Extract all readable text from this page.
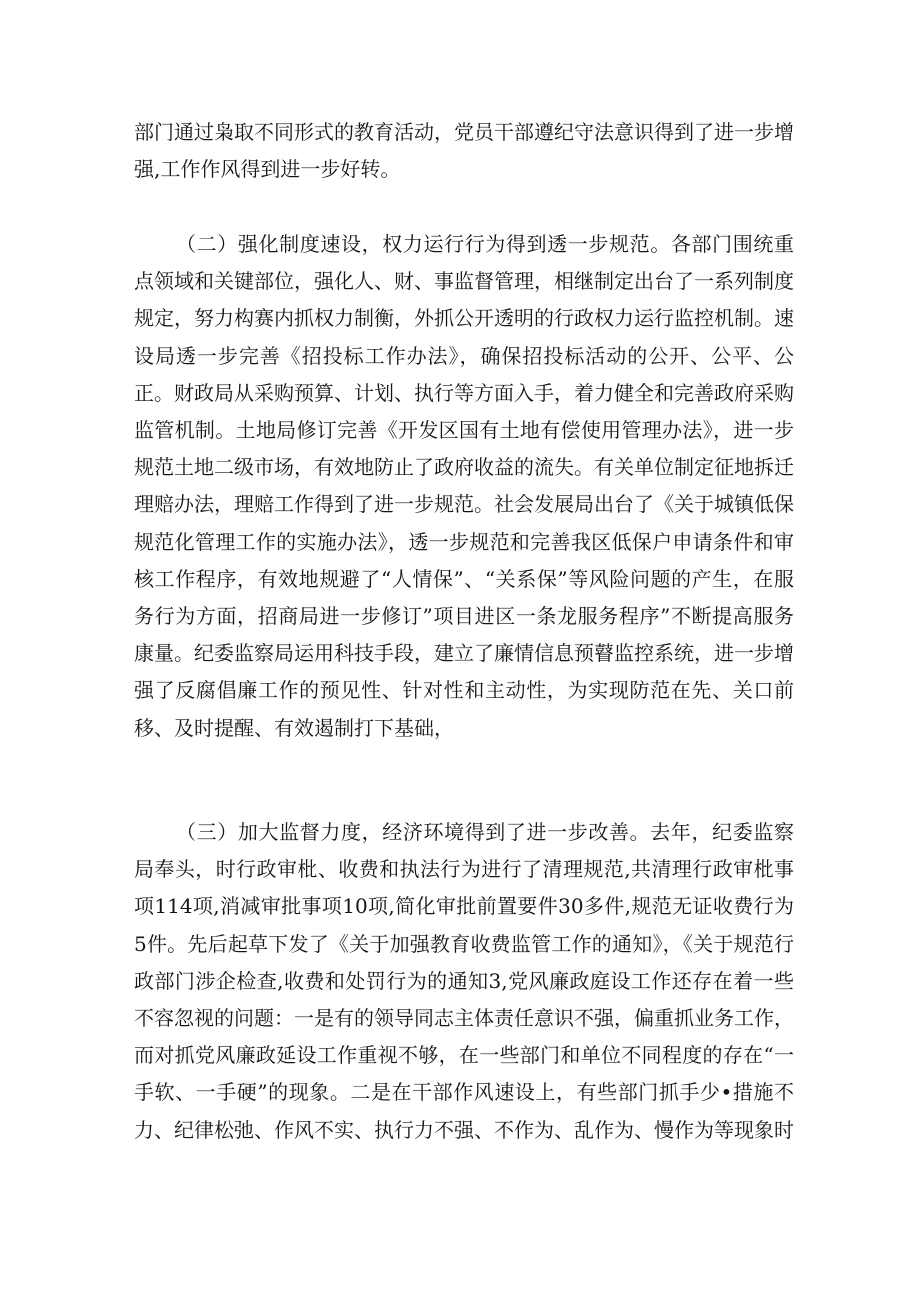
部门通过枭取不同形式的教育活动，党员干部遵纪守法意识得到了进一步增强,工作作风得到进一步好转。

（二）强化制度速设，权力运行行为得到透一步规范。各部门围统重点领域和关键部位，强化人、财、事监督管理，相继制定出台了一系列制度规定，努力构赛内抓权力制衡，外抓公开透明的行政权力运行监控机制。速设局透一步完善《招投标工作办法》，确保招投标活动的公开、公平、公正。财政局从采购预算、计划、执行等方面入手，着力健全和完善政府采购监管机制。土地局修订完善《开发区国有土地有偿使用管理办法》，进一步规范土地二级市场，有效地防止了政府收益的流失。有关单位制定征地拆迁理赔办法，理赔工作得到了进一步规范。社会发展局出台了《关于城镇低保规范化管理工作的实施办法》，透一步规范和完善我区低保户申请条件和审核工作程序，有效地规避了“人情保”、“关系保”等风险问题的产生，在服务行为方面，招商局进一步修订”项目进区一条龙服务程序”不断提高服务康量。纪委监察局运用科技手段，建立了廉情信息预瞽监控系统，进一步增强了反腐倡廉工作的预见性、针对性和主动性，为实现防范在先、关口前移、及时提醒、有效遏制打下基础，

（三）加大监督力度，经济环境得到了进一步改善。去年，纪委监察局奉头，时行政审枇、收费和执法行为进行了清理规范,共清理行政审枇事项114项,消减审批事项10项,简化审批前置要件30多件,规范无证收费行为5件。先后起草下发了《关于加强教育收费监管工作的通知》，《关于规范行政部门涉企检查,收费和处罚行为的通知3,党风廉政庭设工作还存在着一些不容忽视的问题：一是有的领导同志主体责任意识不强，偏重抓业务工作，而对抓党风廉政延设工作重视不够，在一些部门和单位不同程度的存在“一手软、一手硬”的现象。二是在干部作风速设上，有些部门抓手少•措施不力、纪律松弛、作风不实、执行力不强、不作为、乱作为、慢作为等现象时
